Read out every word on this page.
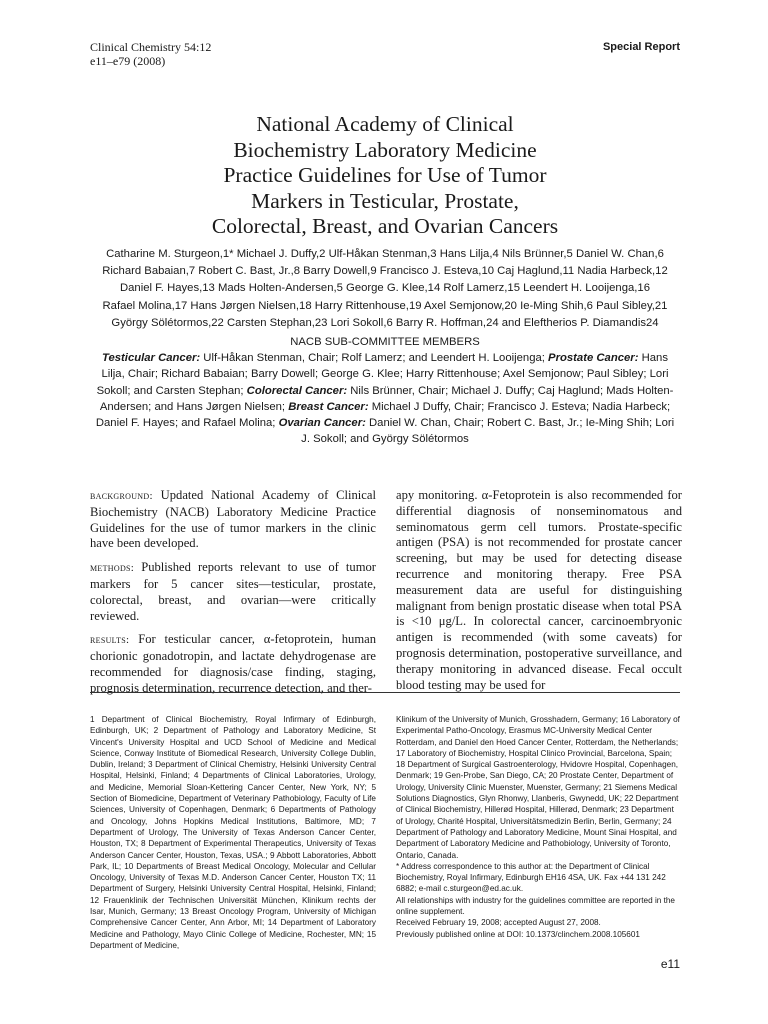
Clinical Chemistry 54:12
e11–e79 (2008)
Special Report
National Academy of Clinical
Biochemistry Laboratory Medicine
Practice Guidelines for Use of Tumor
Markers in Testicular, Prostate,
Colorectal, Breast, and Ovarian Cancers
Catharine M. Sturgeon,1* Michael J. Duffy,2 Ulf-Håkan Stenman,3 Hans Lilja,4 Nils Brünner,5 Daniel W. Chan,6
Richard Babaian,7 Robert C. Bast, Jr.,8 Barry Dowell,9 Francisco J. Esteva,10 Caj Haglund,11 Nadia Harbeck,12
Daniel F. Hayes,13 Mads Holten-Andersen,5 George G. Klee,14 Rolf Lamerz,15 Leendert H. Looijenga,16
Rafael Molina,17 Hans Jørgen Nielsen,18 Harry Rittenhouse,19 Axel Semjonow,20 Ie-Ming Shih,6 Paul Sibley,21
György Sölétormos,22 Carsten Stephan,23 Lori Sokoll,6 Barry R. Hoffman,24 and Eleftherios P. Diamandis24
NACB SUB-COMMITTEE MEMBERS
Testicular Cancer: Ulf-Håkan Stenman, Chair; Rolf Lamerz; and Leendert H. Looijenga; Prostate Cancer: Hans Lilja, Chair; Richard Babaian; Barry Dowell; George G. Klee; Harry Rittenhouse; Axel Semjonow; Paul Sibley; Lori Sokoll; and Carsten Stephan; Colorectal Cancer: Nils Brünner, Chair; Michael J. Duffy; Caj Haglund; Mads Holten-Andersen; and Hans Jørgen Nielsen; Breast Cancer: Michael J Duffy, Chair; Francisco J. Esteva; Nadia Harbeck; Daniel F. Hayes; and Rafael Molina; Ovarian Cancer: Daniel W. Chan, Chair; Robert C. Bast, Jr.; Ie-Ming Shih; Lori J. Sokoll; and György Sölétormos

background: Updated National Academy of Clinical Biochemistry (NACB) Laboratory Medicine Practice Guidelines for the use of tumor markers in the clinic have been developed.

methods: Published reports relevant to use of tumor markers for 5 cancer sites—testicular, prostate, colorectal, breast, and ovarian—were critically reviewed.

results: For testicular cancer, α-fetoprotein, human chorionic gonadotropin, and lactate dehydrogenase are recommended for diagnosis/case finding, staging, prognosis determination, recurrence detection, and ther-

apy monitoring. α-Fetoprotein is also recommended for differential diagnosis of nonseminomatous and seminomatous germ cell tumors. Prostate-specific antigen (PSA) is not recommended for prostate cancer screening, but may be used for detecting disease recurrence and monitoring therapy. Free PSA measurement data are useful for distinguishing malignant from benign prostatic disease when total PSA is <10 μg/L. In colorectal cancer, carcinoembryonic antigen is recommended (with some caveats) for prognosis determination, postoperative surveillance, and therapy monitoring in advanced disease. Fecal occult blood testing may be used for
1 Department of Clinical Biochemistry, Royal Infirmary of Edinburgh, Edinburgh, UK; 2 Department of Pathology and Laboratory Medicine, St Vincent's University Hospital and UCD School of Medicine and Medical Science, Conway Institute of Biomedical Research, University College Dublin, Dublin, Ireland; 3 Department of Clinical Chemistry, Helsinki University Central Hospital, Helsinki, Finland; 4 Departments of Clinical Laboratories, Urology, and Medicine, Memorial Sloan-Kettering Cancer Center, New York, NY; 5 Section of Biomedicine, Department of Veterinary Pathobiology, Faculty of Life Sciences, University of Copenhagen, Denmark; 6 Departments of Pathology and Oncology, Johns Hopkins Medical Institutions, Baltimore, MD; 7 Department of Urology, The University of Texas Anderson Cancer Center, Houston, TX; 8 Department of Experimental Therapeutics, University of Texas Anderson Cancer Center, Houston, Texas, USA.; 9 Abbott Laboratories, Abbott Park, IL; 10 Departments of Breast Medical Oncology, Molecular and Cellular Oncology, University of Texas M.D. Anderson Cancer Center, Houston TX; 11 Department of Surgery, Helsinki University Central Hospital, Helsinki, Finland; 12 Frauenklinik der Technischen Universität München, Klinikum rechts der Isar, Munich, Germany; 13 Breast Oncology Program, University of Michigan Comprehensive Cancer Center, Ann Arbor, MI; 14 Department of Laboratory Medicine and Pathology, Mayo Clinic College of Medicine, Rochester, MN; 15 Department of Medicine,
Klinikum of the University of Munich, Grosshadern, Germany; 16 Laboratory of Experimental Patho-Oncology, Erasmus MC-University Medical Center Rotterdam, and Daniel den Hoed Cancer Center, Rotterdam, the Netherlands; 17 Laboratory of Biochemistry, Hospital Clinico Provincial, Barcelona, Spain; 18 Department of Surgical Gastroenterology, Hvidovre Hospital, Copenhagen, Denmark; 19 Gen-Probe, San Diego, CA; 20 Prostate Center, Department of Urology, University Clinic Muenster, Muenster, Germany; 21 Siemens Medical Solutions Diagnostics, Glyn Rhonwy, Llanberis, Gwynedd, UK; 22 Department of Clinical Biochemistry, Hillerød Hospital, Hillerød, Denmark; 23 Department of Urology, Charité Hospital, Universitätsmedizin Berlin, Berlin, Germany; 24 Department of Pathology and Laboratory Medicine, Mount Sinai Hospital, and Department of Laboratory Medicine and Pathobiology, University of Toronto, Ontario, Canada.
* Address correspondence to this author at: the Department of Clinical Biochemistry, Royal Infirmary, Edinburgh EH16 4SA, UK. Fax +44 131 242 6882; e-mail c.sturgeon@ed.ac.uk.
All relationships with industry for the guidelines committee are reported in the online supplement.
Received February 19, 2008; accepted August 27, 2008.
Previously published online at DOI: 10.1373/clinchem.2008.105601
e11
